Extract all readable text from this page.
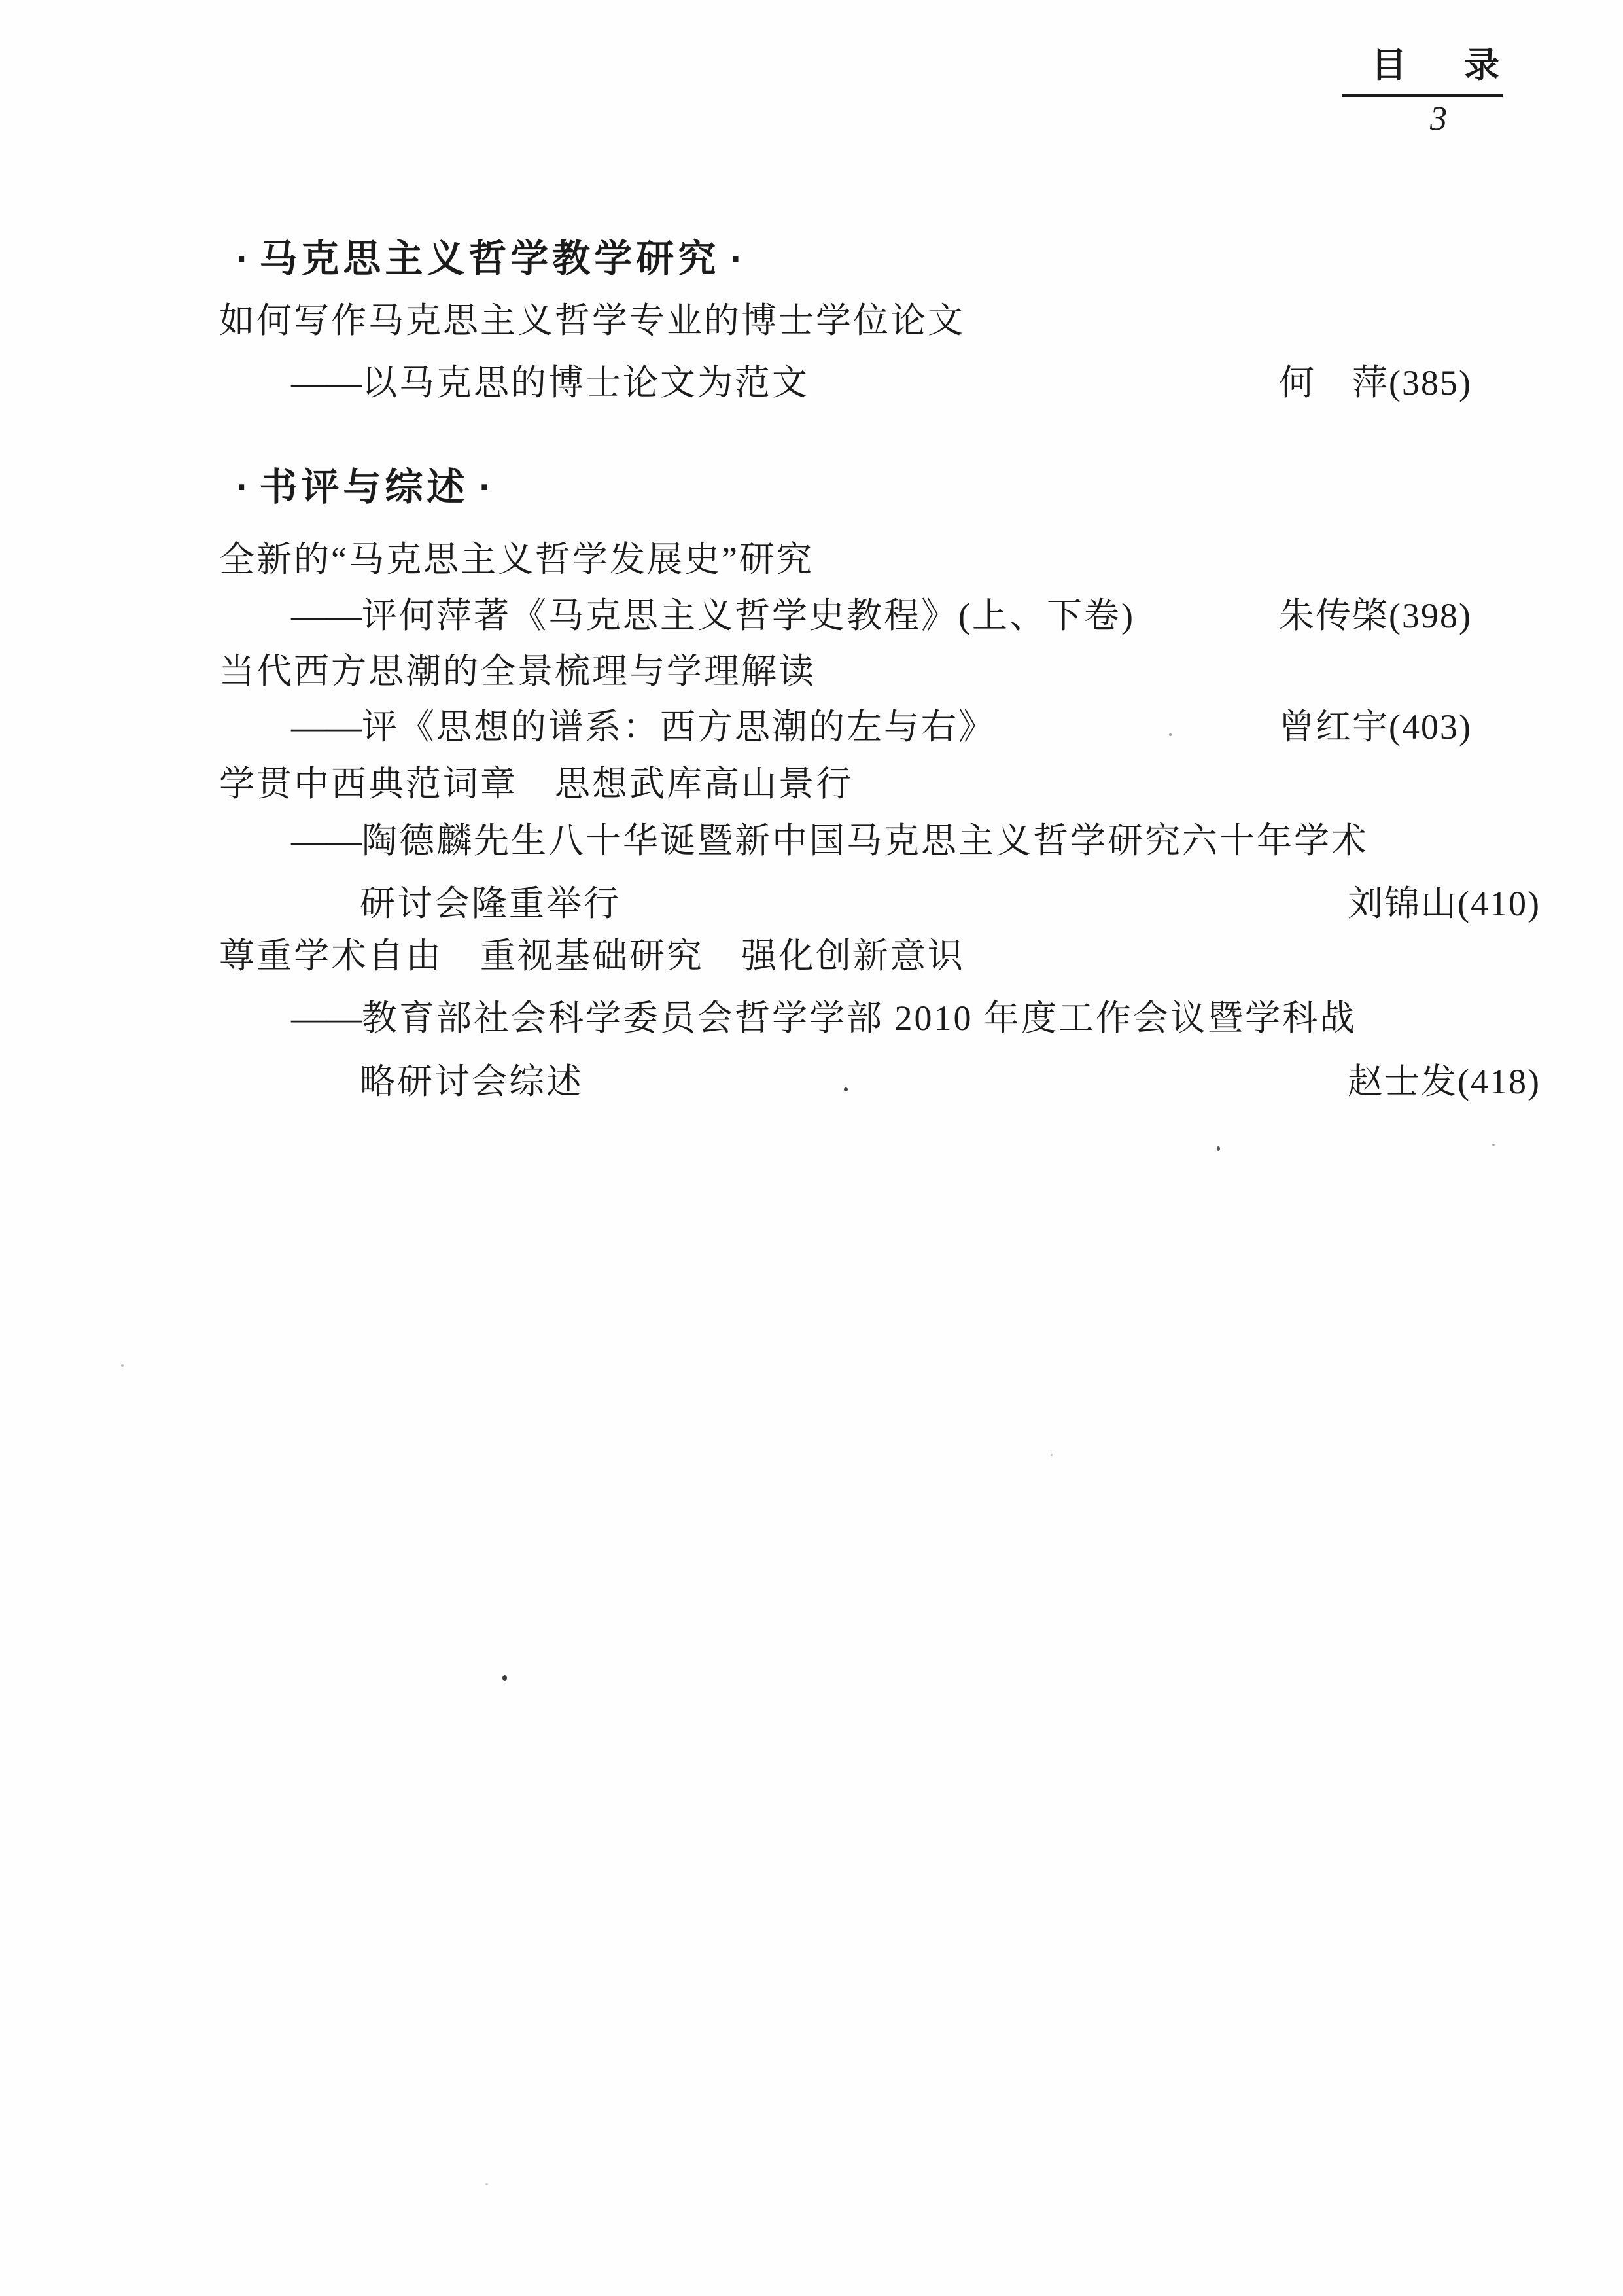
目 录
3
· 马克思主义哲学教学研究 ·
如何写作马克思主义哲学专业的博士学位论文
——以马克思的博士论文为范文	何　萍(385)
· 书评与综述 ·
全新的“马克思主义哲学发展史”研究
——评何萍著《马克思主义哲学史教程》(上、下卷)	朱传棨(398)
当代西方思潮的全景梳理与学理解读
——评《思想的谱系：西方思潮的左与右》	曾红宇(403)
学贯中西典范词章　思想武库高山景行
——陶德麟先生八十华诞暨新中国马克思主义哲学研究六十年学术
研讨会隆重举行	刘锦山(410)
尊重学术自由　重视基础研究　强化创新意识
——教育部社会科学委员会哲学学部 2010 年度工作会议暨学科战
略研讨会综述	赵士发(418)
